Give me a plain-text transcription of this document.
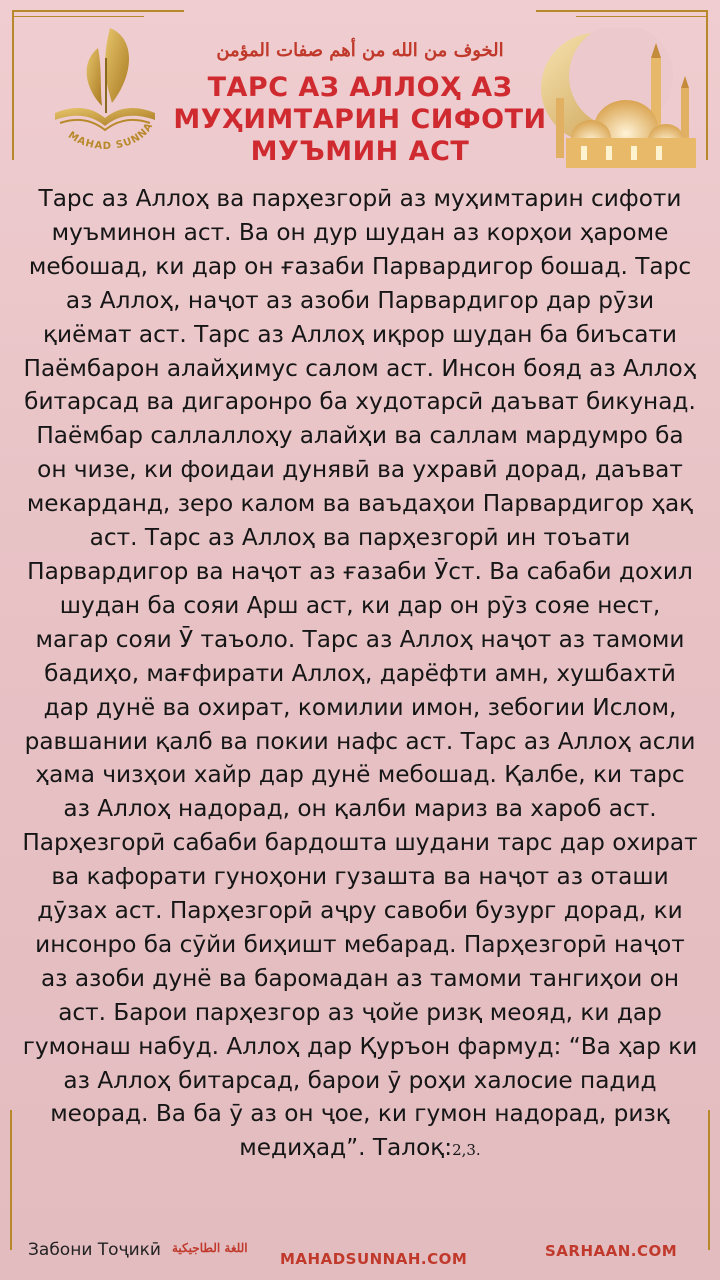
MAHAD SUNNA
الخوف من الله من أهم صفات المؤمن
ТАРС АЗ АЛЛОҲ АЗ
МУҲИМТАРИН СИФОТИ
МУЪМИН АСТ
Тарс аз Аллоҳ ва парҳезгорӣ аз муҳимтарин сифоти муъминон аст. Ва он дур шудан аз корҳои ҳароме мебошад, ки дар он ғазаби Парвардигор бошад. Тарс аз Аллоҳ, наҷот аз азоби Парвардигор дар рӯзи қиёмат аст. Тарс аз Аллоҳ иқрор шудан ба биъсати Паёмбарон алайҳимус салом аст. Инсон бояд аз Аллоҳ битарсад ва дигаронро ба худотарсӣ даъват бикунад. Паёмбар саллаллоҳу алайҳи ва саллам мардумро ба он чизе, ки фоидаи дунявӣ ва ухравӣ дорад, даъват мекарданд, зеро калом ва ваъдаҳои Парвардигор ҳақ аст. Тарс аз Аллоҳ ва парҳезгорӣ ин тоъати Парвардигор ва наҷот аз ғазаби Ӯст. Ва сабаби дохил шудан ба сояи Арш аст, ки дар он рӯз сояе нест, магар сояи Ӯ таъоло. Тарс аз Аллоҳ наҷот аз тамоми бадиҳо, мағфирати Аллоҳ, дарёфти амн, хушбахтӣ дар дунё ва охират, комилии имон, зебогии Ислом, равшании қалб ва покии нафс аст. Тарс аз Аллоҳ асли ҳама чизҳои хайр дар дунё мебошад. Қалбе, ки тарс аз Аллоҳ надорад, он қалби мариз ва хароб аст. Парҳезгорӣ сабаби бардошта шудани тарс дар охират ва кафорати гуноҳони гузашта ва наҷот аз оташи дӯзах аст. Парҳезгорӣ аҷру савоби бузург дорад, ки инсонро ба сӯйи биҳишт мебарад. Парҳезгорӣ наҷот аз азоби дунё ва баромадан аз тамоми тангиҳои он аст. Барои парҳезгор аз ҷойе ризқ меояд, ки дар гумонаш набуд. Аллоҳ дар Қуръон фармуд: “Ва ҳар ки аз Аллоҳ битарсад, барои ӯ роҳи халосие падид меорад. Ва ба ӯ аз он ҷое, ки гумон надорад, ризқ медиҳад”. Талоқ:2,3.
Забони Тоҷикӣ اللغة الطاجيكية
MAHADSUNNAH.COM	SARHAAN.COM
